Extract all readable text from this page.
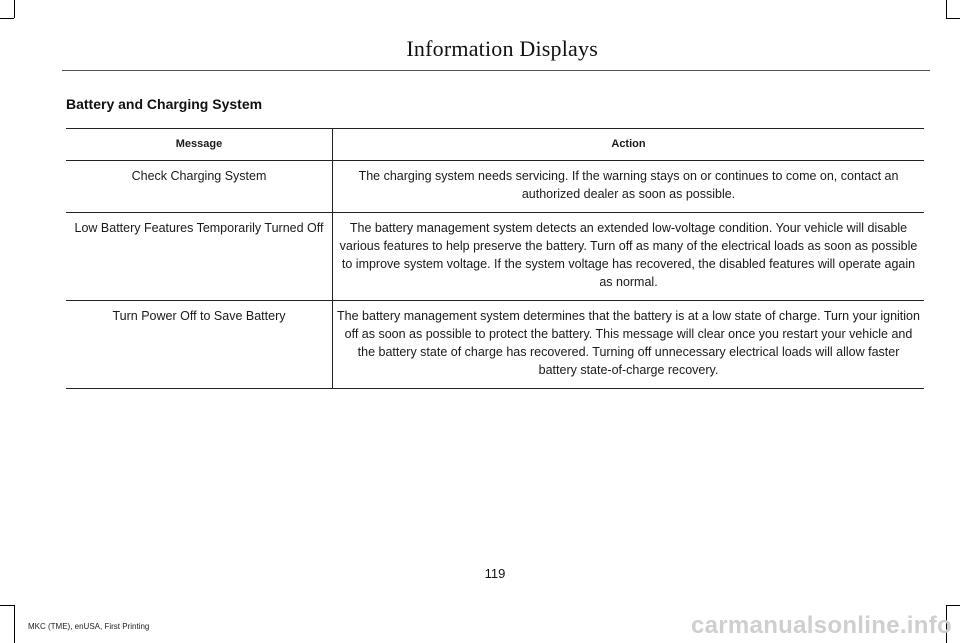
Information Displays
Battery and Charging System
Message	Action
Check Charging System	The charging system needs servicing. If the warning stays on or continues to come on, contact an authorized dealer as soon as possible.
Low Battery Features Temporarily Turned Off	The battery management system detects an extended low-voltage condition. Your vehicle will disable various features to help preserve the battery. Turn off as many of the electrical loads as soon as possible to improve system voltage. If the system voltage has recovered, the disabled features will operate again as normal.
Turn Power Off to Save Battery	The battery management system determines that the battery is at a low state of charge. Turn your ignition off as soon as possible to protect the battery. This message will clear once you restart your vehicle and the battery state of charge has recovered. Turning off unnecessary electrical loads will allow faster battery state-of-charge recovery.
119
MKC (TME), enUSA, First Printing	carmanualsonline.info
